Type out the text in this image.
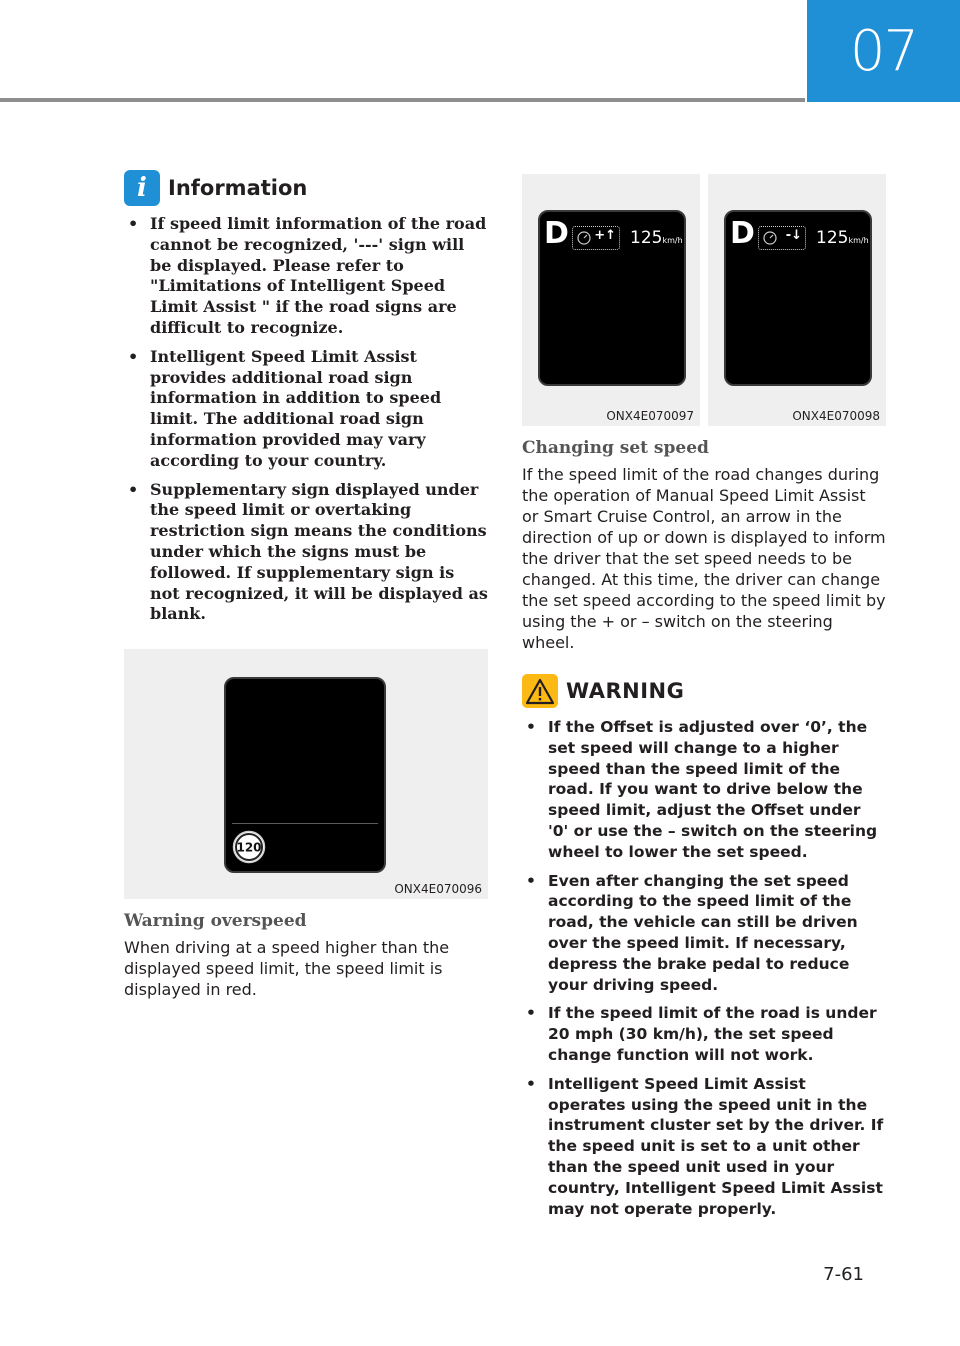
07
i	Information
• If speed limit information of the road cannot be recognized, '---' sign will be displayed. Please refer to "Limitations of Intelligent Speed Limit Assist " if the road signs are difficult to recognize.
• Intelligent Speed Limit Assist provides additional road sign information in addition to speed limit. The additional road sign information provided may vary according to your country.
• Supplementary sign displayed under the speed limit or overtaking restriction sign means the conditions under which the signs must be followed. If supplementary sign is not recognized, it will be displayed as blank.
120
ONX4E070096
Warning overspeed
When driving at a speed higher than the displayed speed limit, the speed limit is displayed in red.
D +↑ 125km/h
ONX4E070097
D -↓ 125km/h
ONX4E070098
Changing set speed
If the speed limit of the road changes during the operation of Manual Speed Limit Assist or Smart Cruise Control, an arrow in the direction of up or down is displayed to inform the driver that the set speed needs to be changed. At this time, the driver can change the set speed according to the speed limit by using the + or – switch on the steering wheel.
WARNING
• If the Offset is adjusted over ‘0’, the set speed will change to a higher speed than the speed limit of the road. If you want to drive below the speed limit, adjust the Offset under '0' or use the – switch on the steering wheel to lower the set speed.
• Even after changing the set speed according to the speed limit of the road, the vehicle can still be driven over the speed limit. If necessary, depress the brake pedal to reduce your driving speed.
• If the speed limit of the road is under 20 mph (30 km/h), the set speed change function will not work.
• Intelligent Speed Limit Assist operates using the speed unit in the instrument cluster set by the driver. If the speed unit is set to a unit other than the speed unit used in your country, Intelligent Speed Limit Assist may not operate properly.
7-61
